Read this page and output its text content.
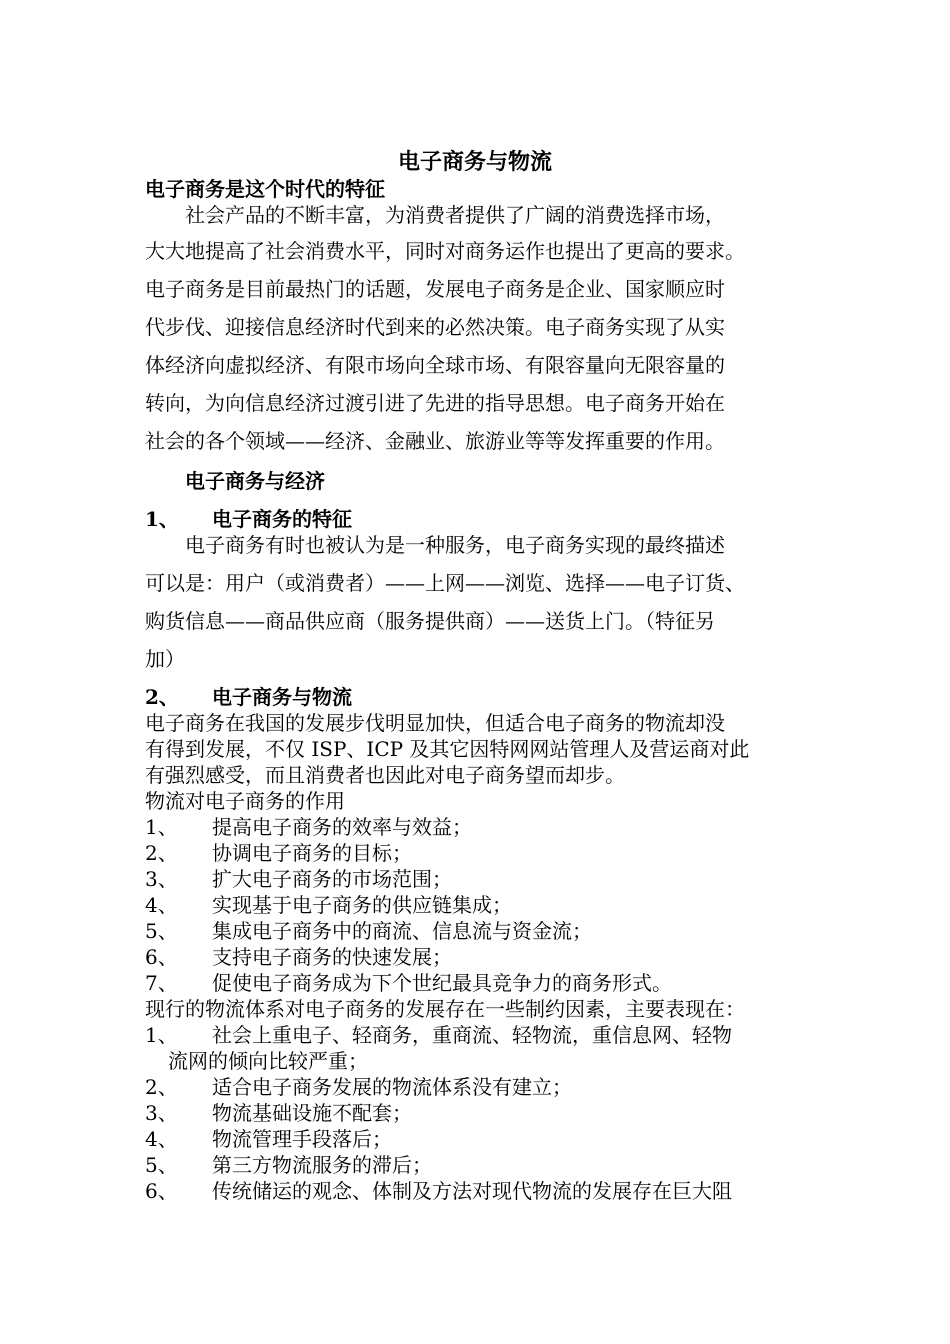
电子商务与物流
电子商务是这个时代的特征
　　社会产品的不断丰富，为消费者提供了广阔的消费选择市场，
大大地提高了社会消费水平，同时对商务运作也提出了更高的要求。
电子商务是目前最热门的话题，发展电子商务是企业、国家顺应时
代步伐、迎接信息经济时代到来的必然决策。电子商务实现了从实
体经济向虚拟经济、有限市场向全球市场、有限容量向无限容量的
转向，为向信息经济过渡引进了先进的指导思想。电子商务开始在
社会的各个领域——经济、金融业、旅游业等等发挥重要的作用。
　　电子商务与经济
1、 电子商务的特征
　　电子商务有时也被认为是一种服务，电子商务实现的最终描述
可以是：用户（或消费者）——上网——浏览、选择——电子订货、
购货信息——商品供应商（服务提供商）——送货上门。（特征另
加）
2、 电子商务与物流
电子商务在我国的发展步伐明显加快，但适合电子商务的物流却没
有得到发展，不仅 ISP、ICP 及其它因特网网站管理人及营运商对此
有强烈感受，而且消费者也因此对电子商务望而却步。
物流对电子商务的作用
1、 提高电子商务的效率与效益；
2、 协调电子商务的目标；
3、 扩大电子商务的市场范围；
4、 实现基于电子商务的供应链集成；
5、 集成电子商务中的商流、信息流与资金流；
6、 支持电子商务的快速发展；
7、 促使电子商务成为下个世纪最具竞争力的商务形式。
现行的物流体系对电子商务的发展存在一些制约因素，主要表现在：
1、 社会上重电子、轻商务，重商流、轻物流，重信息网、轻物
流网的倾向比较严重；
2、 适合电子商务发展的物流体系没有建立；
3、 物流基础设施不配套；
4、 物流管理手段落后；
5、 第三方物流服务的滞后；
6、 传统储运的观念、体制及方法对现代物流的发展存在巨大阻
